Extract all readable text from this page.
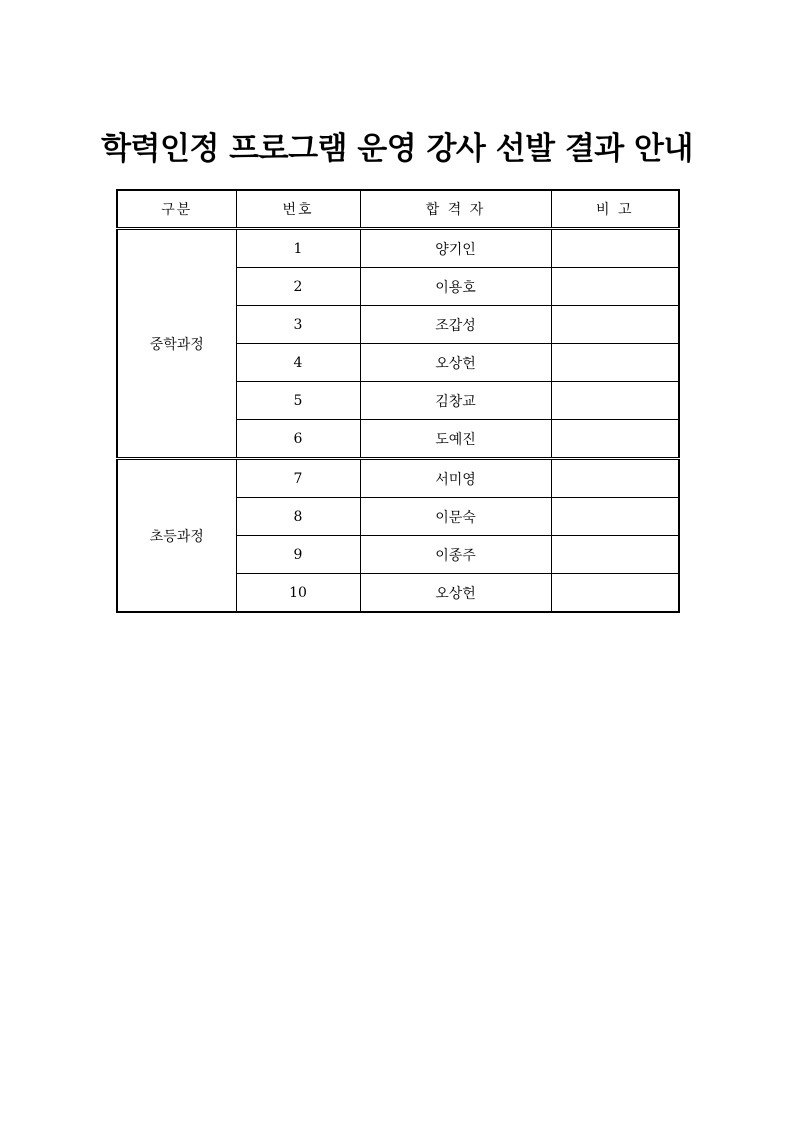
학력인정 프로그램 운영 강사 선발 결과 안내
구분	번호	합 격 자	비 고
중학과정	1	양기인	
	2	이용호	
	3	조갑성	
	4	오상헌	
	5	김창교	
	6	도예진	
초등과정	7	서미영	
	8	이문숙	
	9	이종주	
	10	오상헌	
